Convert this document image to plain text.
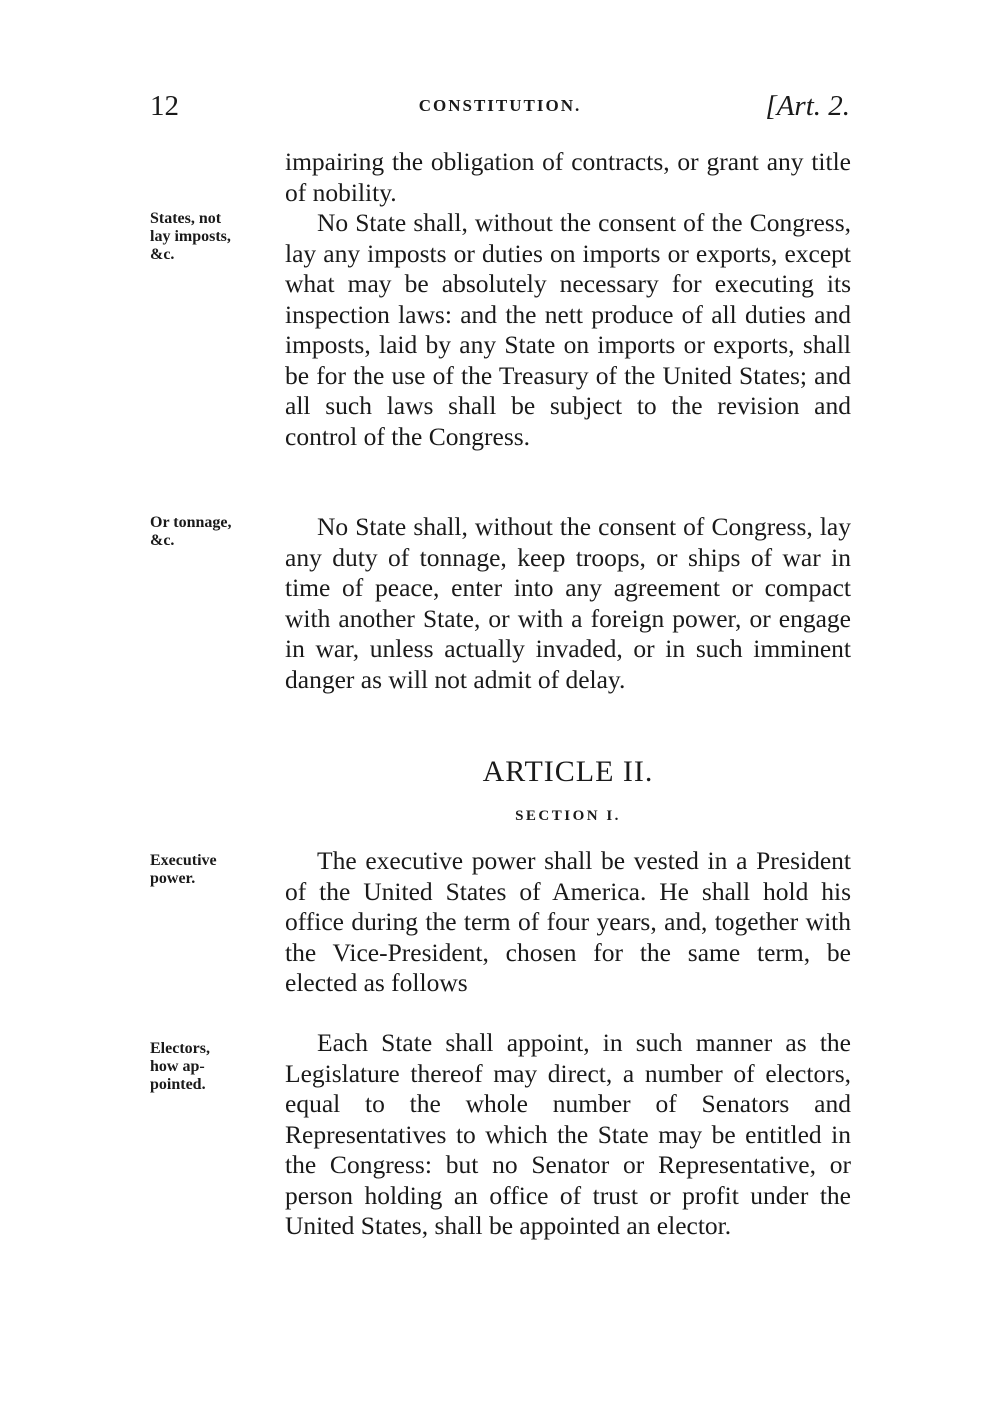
12	CONSTITUTION.	[Art. 2.

impairing the obligation of contracts, or grant any title of nobility.

States, not
lay imposts,
&c.

No State shall, without the consent of the Congress, lay any imposts or duties on imports or exports, except what may be absolutely necessary for executing its inspection laws: and the nett produce of all duties and imposts, laid by any State on imports or exports, shall be for the use of the Treasury of the United States; and all such laws shall be subject to the revision and control of the Congress.

Or tonnage,
&c.	No State shall, without the consent of Congress, lay any duty of tonnage, keep troops, or ships of war in time of peace, enter into any agreement or compact with another State, or with a foreign power, or engage in war, unless actually invaded, or in such imminent danger as will not admit of delay.

ARTICLE II.
SECTION I.
Executive
power.

The executive power shall be vested in a President of the United States of America. He shall hold his office during the term of four years, and, together with the Vice-President, chosen for the same term, be elected as follows

Electors,
how ap-
pointed.

Each State shall appoint, in such manner as the Legislature thereof may direct, a number of electors, equal to the whole number of Senators and Representatives to which the State may be entitled in the Congress: but no Senator or Representative, or person holding an office of trust or profit under the United States, shall be appointed an elector.
